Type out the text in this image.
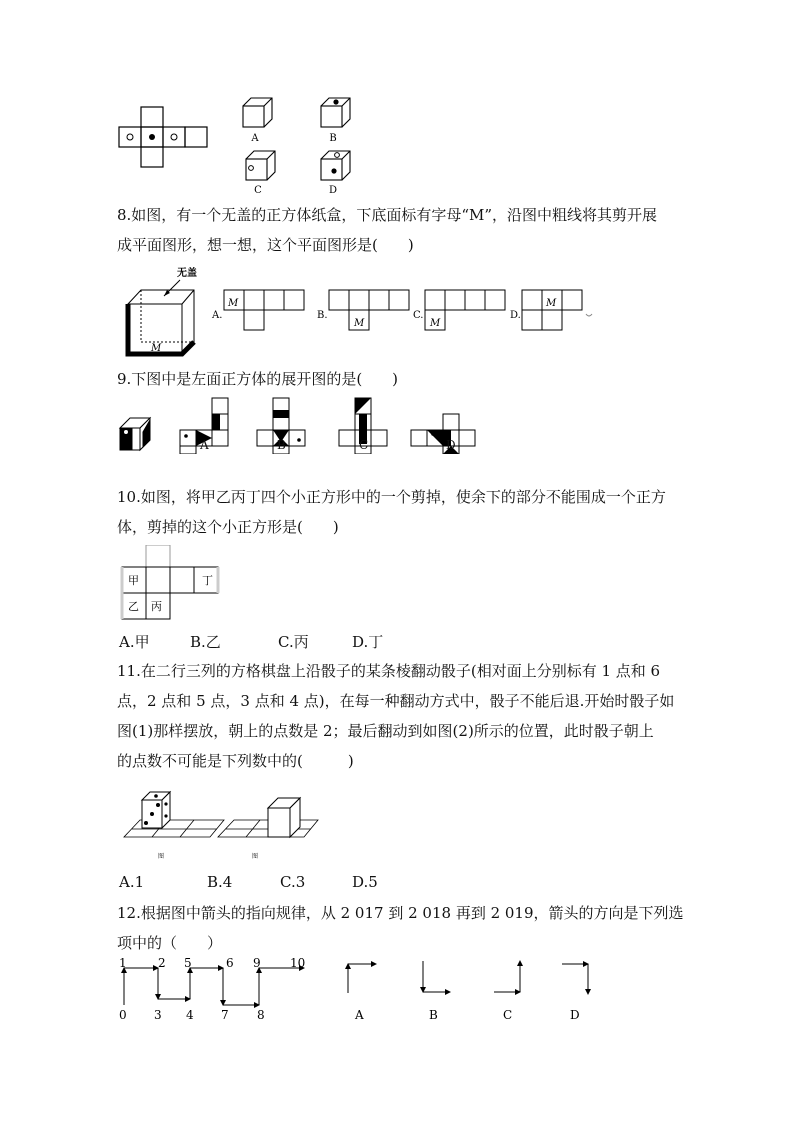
A	B
C	D
8.如图，有一个无盖的正方体纸盒，下底面标有字母“M”，沿图中粗线将其剪开展
成平面图形，想一想，这个平面图形是(　　)
无盖
M
A.
M
B.
M
C.
M
D.
M
9.下图中是左面正方体的展开图的是(　　)
A	B	C	D
10.如图，将甲乙丙丁四个小正方形中的一个剪掉，使余下的部分不能围成一个正方
体，剪掉的这个小正方形是(　　)
甲	丁
乙 丙
A.甲	B.乙	C.丙	D.丁
11.在二行三列的方格棋盘上沿骰子的某条棱翻动骰子(相对面上分别标有 1 点和 6
点，2 点和 5 点，3 点和 4 点)，在每一种翻动方式中，骰子不能后退.开始时骰子如
图(1)那样摆放，朝上的点数是 2；最后翻动到如图(2)所示的位置，此时骰子朝上
的点数不可能是下列数中的(　　　)
图	图
A.1	B.4	C.3	D.5
12.根据图中箭头的指向规律，从 2 017 到 2 018 再到 2 019，箭头的方向是下列选
项中的（　　）
1	2 5	6 9 10
0 3 4 7 8	A	B	C	D
